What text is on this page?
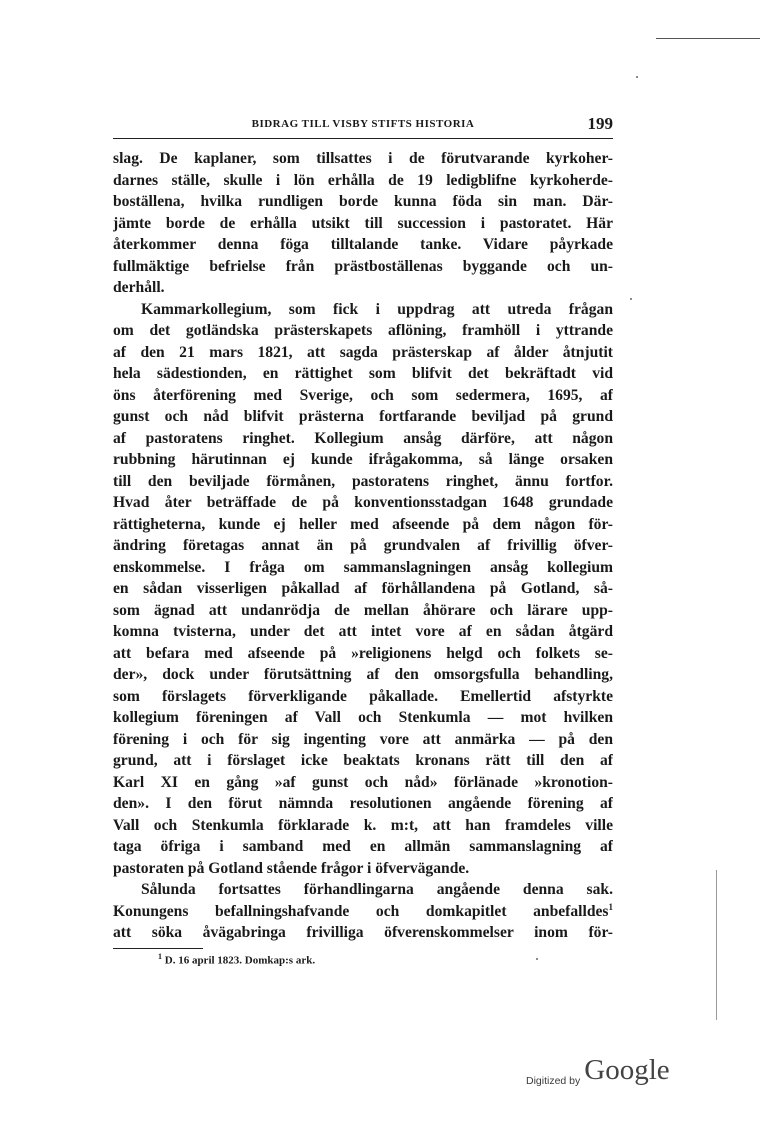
BIDRAG TILL VISBY STIFTS HISTORIA	199
slag. De kaplaner, som tillsattes i de förutvarande kyrkoher-
darnes ställe, skulle i lön erhålla de 19 ledigblifne kyrkoherde-
boställena, hvilka rundligen borde kunna föda sin man. Där-
jämte borde de erhålla utsikt till succession i pastoratet. Här
återkommer denna föga tilltalande tanke. Vidare påyrkade
fullmäktige befrielse från prästboställenas byggande och un-
derhåll.
Kammarkollegium, som fick i uppdrag att utreda frågan
om det gotländska prästerskapets aflöning, framhöll i yttrande
af den 21 mars 1821, att sagda prästerskap af ålder åtnjutit
hela sädestionden, en rättighet som blifvit det bekräftadt vid
öns återförening med Sverige, och som sedermera, 1695, af
gunst och nåd blifvit prästerna fortfarande beviljad på grund
af pastoratens ringhet. Kollegium ansåg därföre, att någon
rubbning härutinnan ej kunde ifrågakomma, så länge orsaken
till den beviljade förmånen, pastoratens ringhet, ännu fortfor.
Hvad åter beträffade de på konventionsstadgan 1648 grundade
rättigheterna, kunde ej heller med afseende på dem någon för-
ändring företagas annat än på grundvalen af frivillig öfver-
enskommelse. I fråga om sammanslagningen ansåg kollegium
en sådan visserligen påkallad af förhållandena på Gotland, så-
som ägnad att undanrödja de mellan åhörare och lärare upp-
komna tvisterna, under det att intet vore af en sådan åtgärd
att befara med afseende på »religionens helgd och folkets se-
der», dock under förutsättning af den omsorgsfulla behandling,
som förslagets förverkligande påkallade. Emellertid afstyrkte
kollegium föreningen af Vall och Stenkumla — mot hvilken
förening i och för sig ingenting vore att anmärka — på den
grund, att i förslaget icke beaktats kronans rätt till den af
Karl XI en gång »af gunst och nåd» förlänade »kronotion-
den». I den förut nämnda resolutionen angående förening af
Vall och Stenkumla förklarade k. m:t, att han framdeles ville
taga öfriga i samband med en allmän sammanslagning af
pastoraten på Gotland stående frågor i öfvervägande.
Sålunda fortsattes förhandlingarna angående denna sak.
Konungens befallningshafvande och domkapitlet anbefalldes$^1$
att söka åvägabringa frivilliga öfverenskommelser inom för-
$^1$ D. 16 april 1823. Domkap:s ark.
Digitized by Google
